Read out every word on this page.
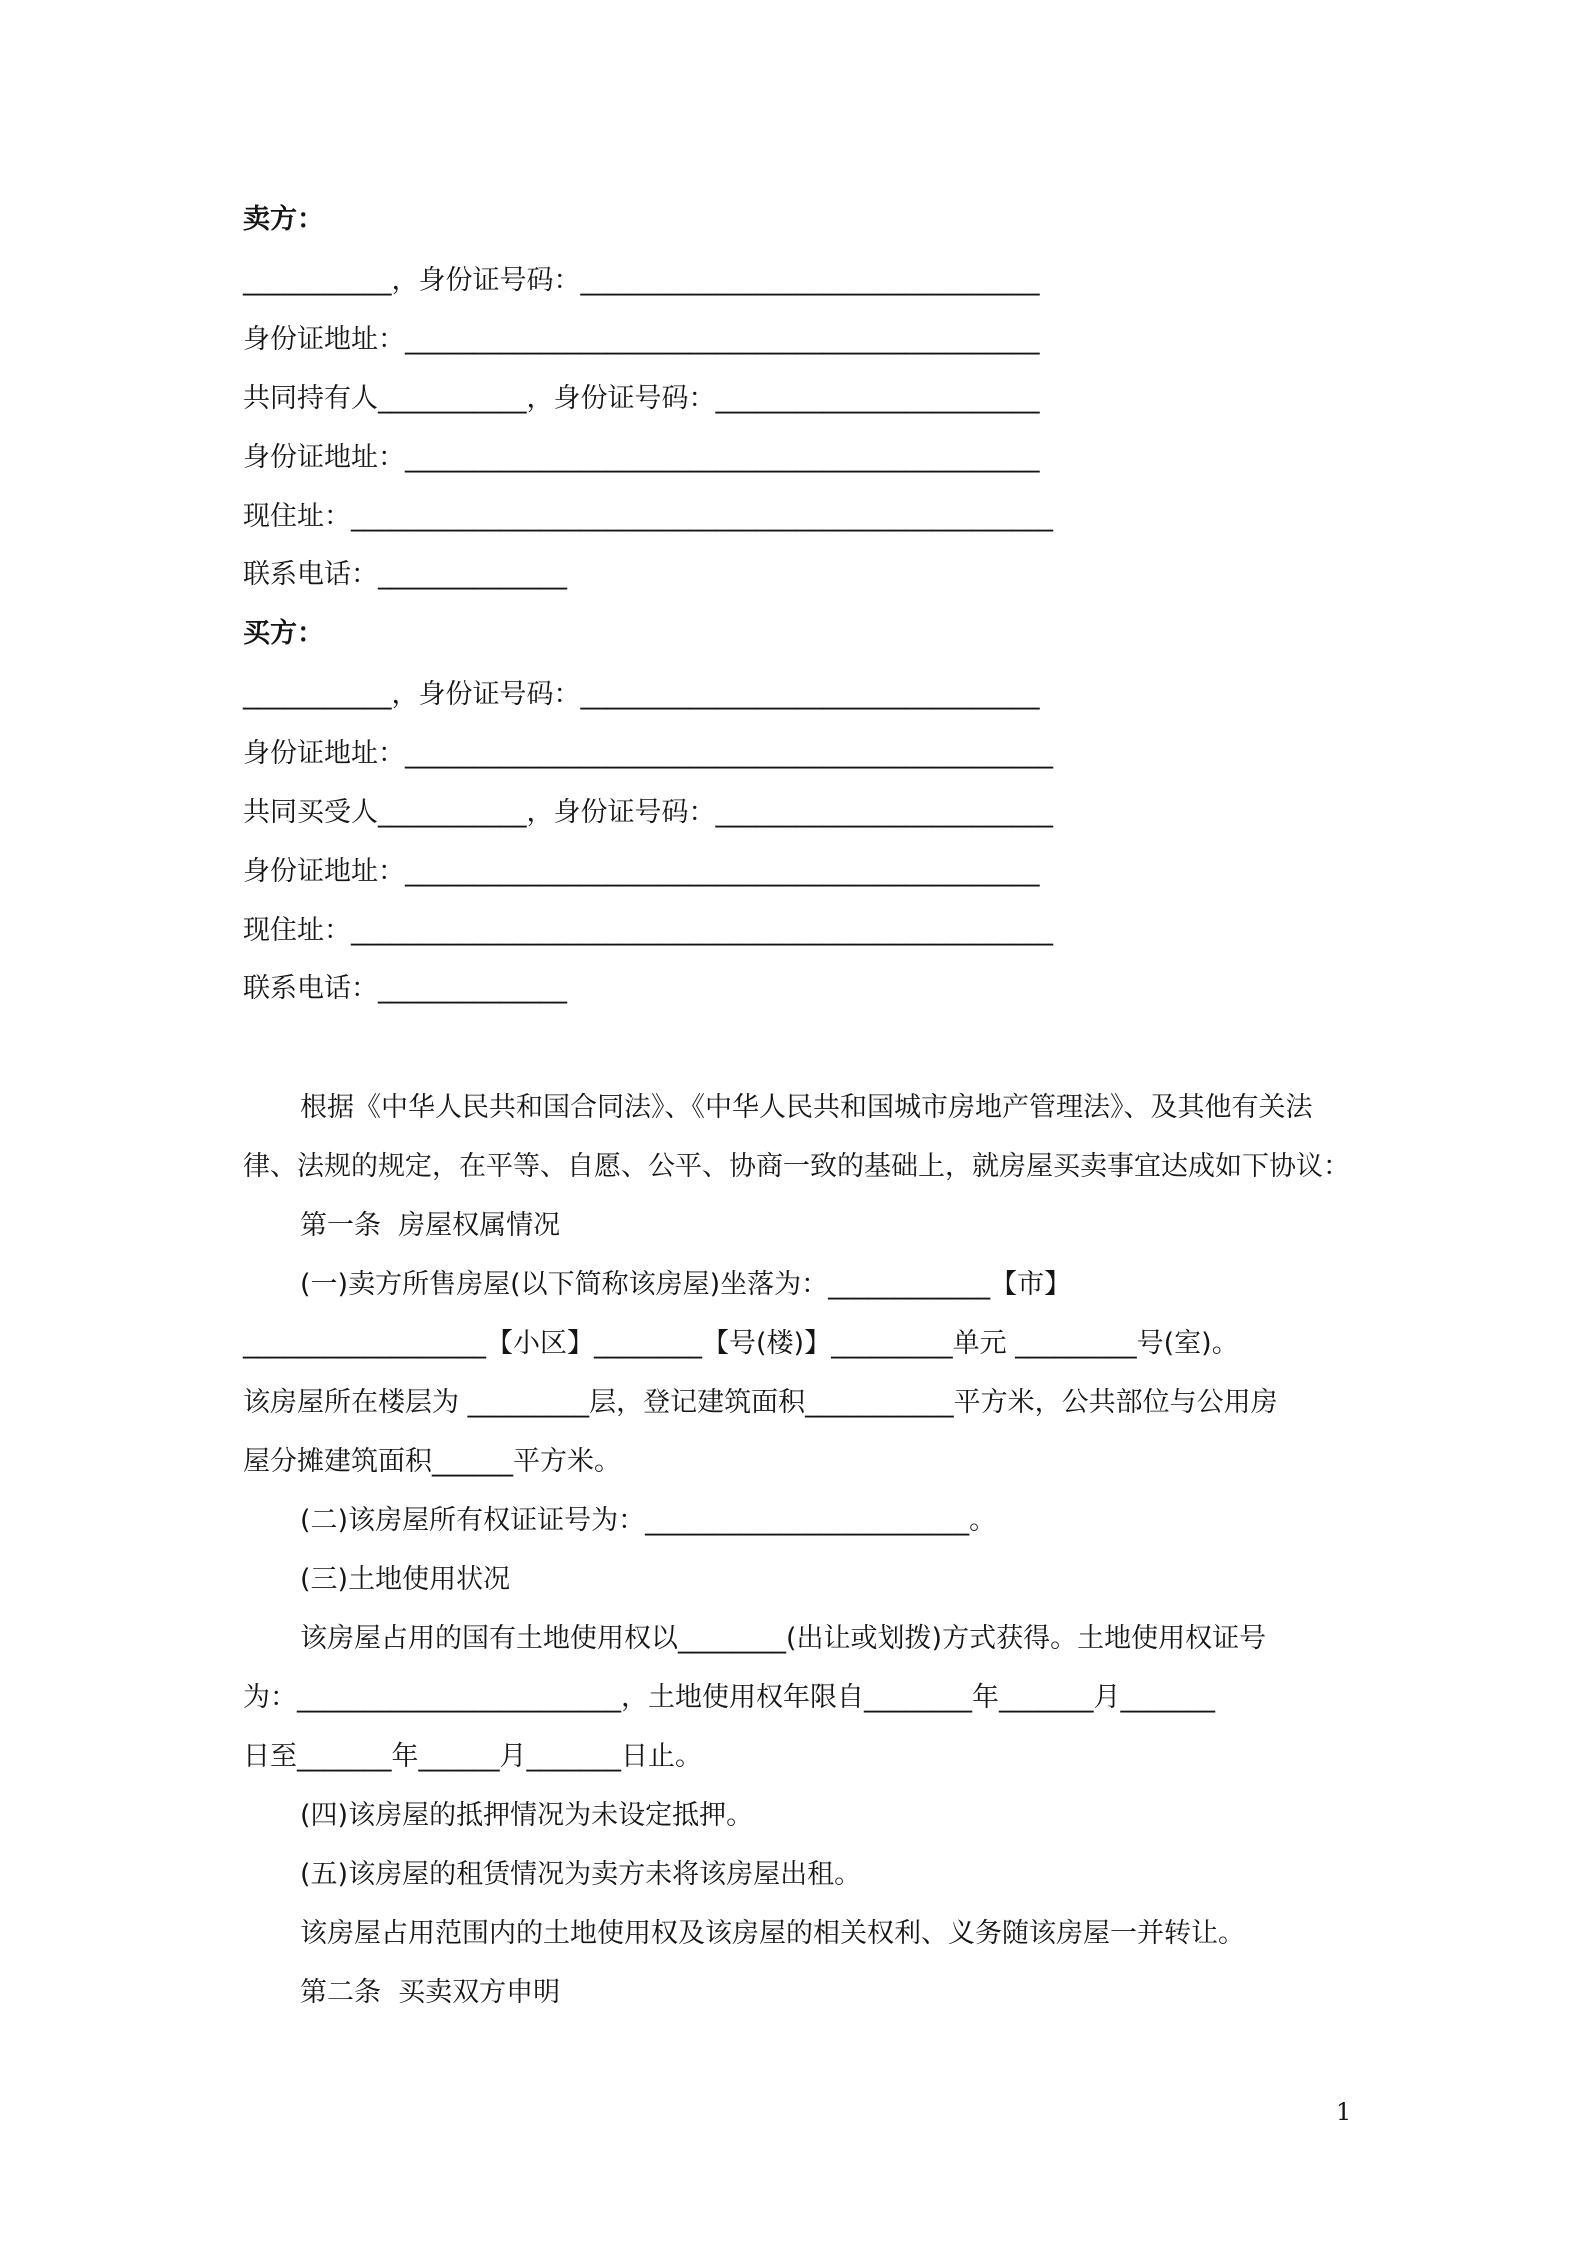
卖方：
___________，身份证号码：__________________________________
身份证地址：_______________________________________________
共同持有人___________，身份证号码：________________________
身份证地址：_______________________________________________
现住址：____________________________________________________
联系电话：______________
买方：
___________，身份证号码：__________________________________
身份证地址：________________________________________________
共同买受人___________，身份证号码：_________________________
身份证地址：_______________________________________________
现住址：____________________________________________________
联系电话：______________
根据《中华人民共和国合同法》、《中华人民共和国城市房地产管理法》、及其他有关法
律、法规的规定，在平等、自愿、公平、协商一致的基础上，就房屋买卖事宜达成如下协议：
第一条  房屋权属情况
(一)卖方所售房屋(以下简称该房屋)坐落为：____________【市】
__________________【小区】________【号(楼)】_________单元 _________号(室)。
该房屋所在楼层为 _________层，登记建筑面积___________平方米，公共部位与公用房
屋分摊建筑面积______平方米。
(二)该房屋所有权证证号为：________________________。
(三)土地使用状况
该房屋占用的国有土地使用权以________(出让或划拨)方式获得。土地使用权证号
为：________________________，土地使用权年限自________年_______月_______
日至_______年______月_______日止。
(四)该房屋的抵押情况为未设定抵押。
(五)该房屋的租赁情况为卖方未将该房屋出租。
该房屋占用范围内的土地使用权及该房屋的相关权利、义务随该房屋一并转让。
第二条  买卖双方申明
1
